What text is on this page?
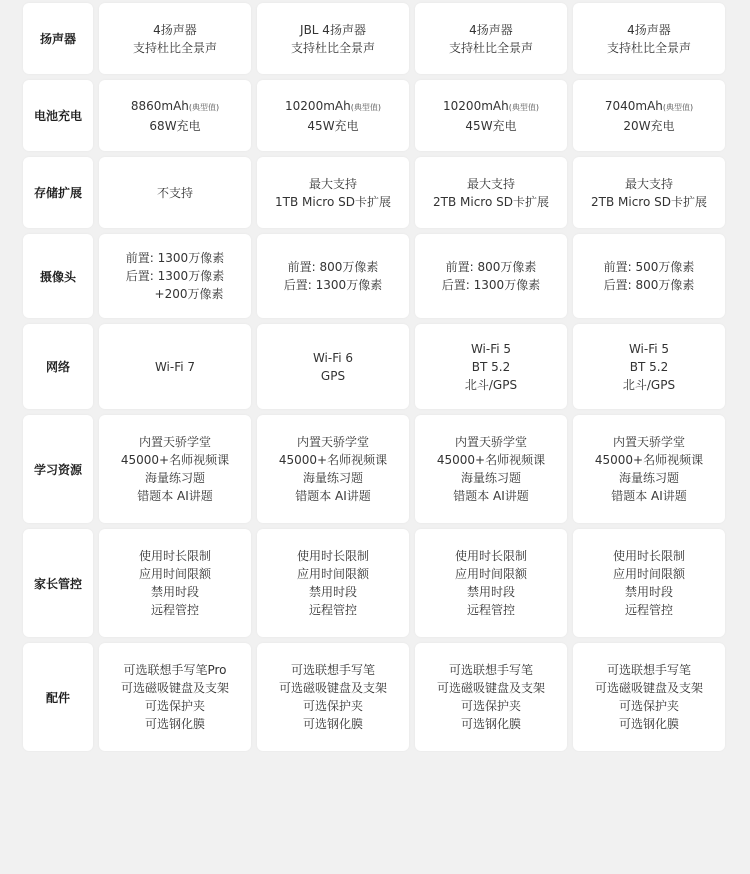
扬声器
4扬声器
支持杜比全景声
JBL 4扬声器
支持杜比全景声
4扬声器
支持杜比全景声
4扬声器
支持杜比全景声
电池充电
8860mAh(典型值)
68W充电
10200mAh(典型值)
45W充电
10200mAh(典型值)
45W充电
7040mAh(典型值)
20W充电
存储扩展	不支持
最大支持
1TB Micro SD卡扩展
最大支持
2TB Micro SD卡扩展
最大支持
2TB Micro SD卡扩展
摄像头
前置: 1300万像素
后置: 1300万像素
+200万像素
前置: 800万像素
后置: 1300万像素
前置: 800万像素
后置: 1300万像素
前置: 500万像素
后置: 800万像素
网络	Wi-Fi 7
Wi-Fi 6
GPS
Wi-Fi 5
BT 5.2
北斗/GPS
Wi-Fi 5
BT 5.2
北斗/GPS
学习资源
内置天骄学堂
45000+名师视频课
海量练习题
错题本 AI讲题
内置天骄学堂
45000+名师视频课
海量练习题
错题本 AI讲题
内置天骄学堂
45000+名师视频课
海量练习题
错题本 AI讲题
内置天骄学堂
45000+名师视频课
海量练习题
错题本 AI讲题
家长管控
使用时长限制
应用时间限额
禁用时段
远程管控
使用时长限制
应用时间限额
禁用时段
远程管控
使用时长限制
应用时间限额
禁用时段
远程管控
使用时长限制
应用时间限额
禁用时段
远程管控
配件
可选联想手写笔Pro
可选磁吸键盘及支架
可选保护夹
可选钢化膜
可选联想手写笔
可选磁吸键盘及支架
可选保护夹
可选钢化膜
可选联想手写笔
可选磁吸键盘及支架
可选保护夹
可选钢化膜
可选联想手写笔
可选磁吸键盘及支架
可选保护夹
可选钢化膜
